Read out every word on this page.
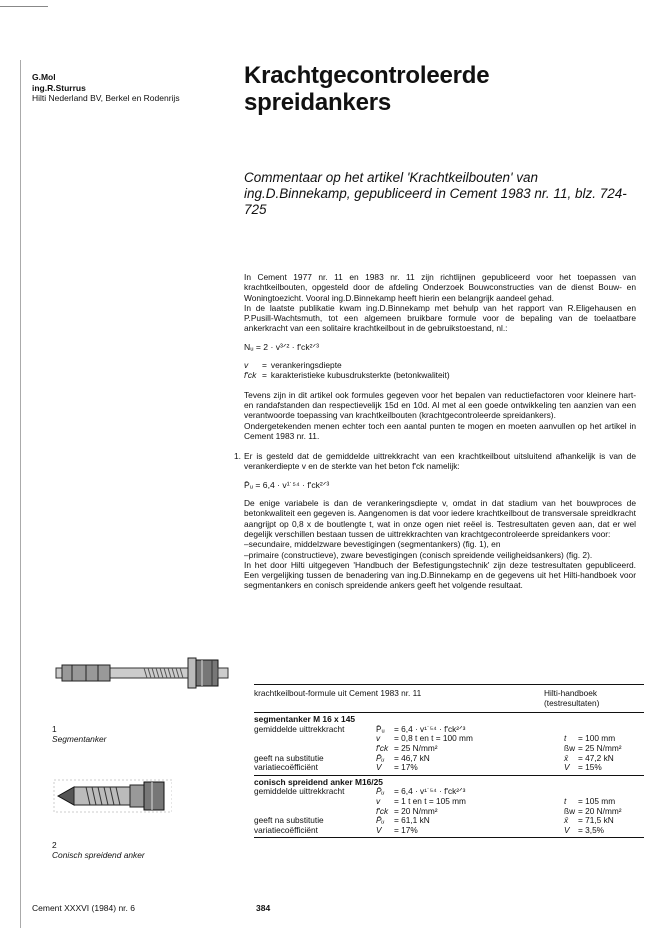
G.Mol
ing.R.Sturrus
Hilti Nederland BV, Berkel en Rodenrijs
Krachtgecontroleerde
spreidankers
Commentaar op het artikel 'Krachtkeilbouten' van ing.D.Binnekamp, gepubliceerd in Cement 1983 nr. 11, blz. 724-725
In Cement 1977 nr. 11 en 1983 nr. 11 zijn richtlijnen gepubliceerd voor het toepassen van krachtkeilbouten, opgesteld door de afdeling Onderzoek Bouwconstructies van de dienst Bouw- en Woningtoezicht. Vooral ing.D.Binnekamp heeft hierin een belangrijk aandeel gehad.
In de laatste publikatie kwam ing.D.Binnekamp met behulp van het rapport van R.Eligehausen en P.Pusill-Wachtsmuth, tot een algemeen bruikbare formule voor de bepaling van de toelaatbare ankerkracht van een solitaire krachtkeilbout in de gebruikstoestand, nl.:
Nᵤ = 2 · v³ᐟ² · f'ck²ᐟ³
v	=	verankeringsdiepte
f'ck	=	karakteristieke kubusdruksterkte (betonkwaliteit)
Tevens zijn in dit artikel ook formules gegeven voor het bepalen van reductiefactoren voor kleinere hart- en randafstanden dan respectievelijk 15d en 10d. Al met al een goede ontwikkeling ten aanzien van een verantwoorde toepassing van krachtkeilbouten (krachtgecontroleerde spreidankers).
Ondergetekenden menen echter toch een aantal punten te mogen en moeten aanvullen op het artikel in Cement 1983 nr. 11.
1. Er is gesteld dat de gemiddelde uittrekkracht van een krachtkeilbout uitsluitend afhankelijk is van de verankerdiepte v en de sterkte van het beton f'ck namelijk:
P̄ᵤ = 6,4 · v¹˙⁵⁴ · f'ck²ᐟ³
De enige variabele is dan de verankeringsdiepte v, omdat in dat stadium van het bouwproces de betonkwaliteit een gegeven is. Aangenomen is dat voor iedere krachtkeilbout de transversale spreidkracht aangrijpt op 0,8 x de boutlengte t, wat in onze ogen niet reëel is. Testresultaten geven aan, dat er wel degelijk verschillen bestaan tussen de uittrekkrachten van krachtgecontroleerde spreidankers voor:
–secundaire, middelzware bevestigingen (segmentankers) (fig. 1), en
–primaire (constructieve), zware bevestigingen (conisch spreidende veiligheidsankers) (fig. 2).
In het door Hilti uitgegeven 'Handbuch der Befestigungstechnik' zijn deze testresultaten gepubliceerd. Een vergelijking tussen de benadering van ing.D.Binnekamp en de gegevens uit het Hilti-handboek voor segmentankers en conisch spreidende ankers geeft het volgende resultaat.
1
Segmentanker
2
Conisch spreidend anker
krachtkeilbout-formule uit Cement 1983 nr. 11	Hilti-handboek (testresultaten)
segmentanker M 16 x 145
gemiddelde uittrekkracht	P̄ᵤ	= 6,4 · v¹˙⁵⁴ · f'ck²ᐟ³
v	= 0,8 t en t = 100 mm	t	= 100 mm
f'ck = 25 N/mm²	ßw = 25 N/mm²
geeft na substitutie	P̄ᵤ	= 46,7 kN	x̄	= 47,2 kN
variatiecoëfficiënt	V	= 17%	V	= 15%
conisch spreidend anker M16/25
gemiddelde uittrekkracht	P̄ᵤ	= 6,4 · v¹˙⁵⁴ · f'ck²ᐟ³
v	= 1 t en t = 105 mm	t	= 105 mm
f'ck = 20 N/mm²	ßw = 20 N/mm²
geeft na substitutie	P̄ᵤ	= 61,1 kN	x̄	= 71,5 kN
variatiecoëfficiënt	V	= 17%	V	= 3,5%
Cement XXXVI (1984) nr. 6	384
